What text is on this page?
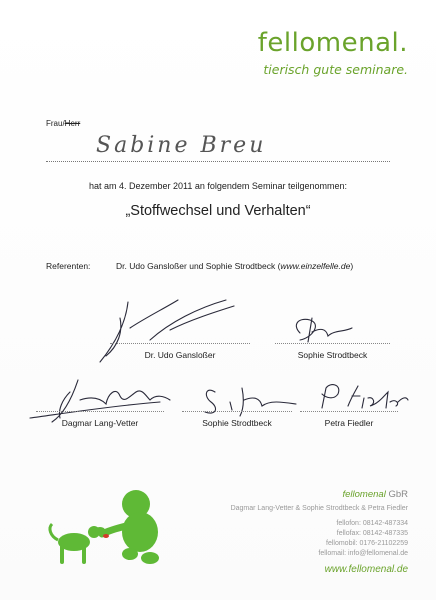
fellomenal.
tierisch gute seminare.
Frau/Herr
Sabine Breu
hat am 4. Dezember 2011 an folgendem Seminar teilgenommen:
„Stoffwechsel und Verhalten“
Referenten:	Dr. Udo Gansloßer und Sophie Strodtbeck (www.einzelfelle.de)
Dr. Udo Gansloßer	Sophie Strodtbeck
Dagmar Lang-Vetter	Sophie Strodtbeck	Petra Fiedler
fellomenal GbR
Dagmar Lang-Vetter & Sophie Strodtbeck & Petra Fiedler
fellofon: 08142-487334
fellofax: 08142-487335
fellomobil: 0176-21102259
fellomail: info@fellomenal.de
www.fellomenal.de
